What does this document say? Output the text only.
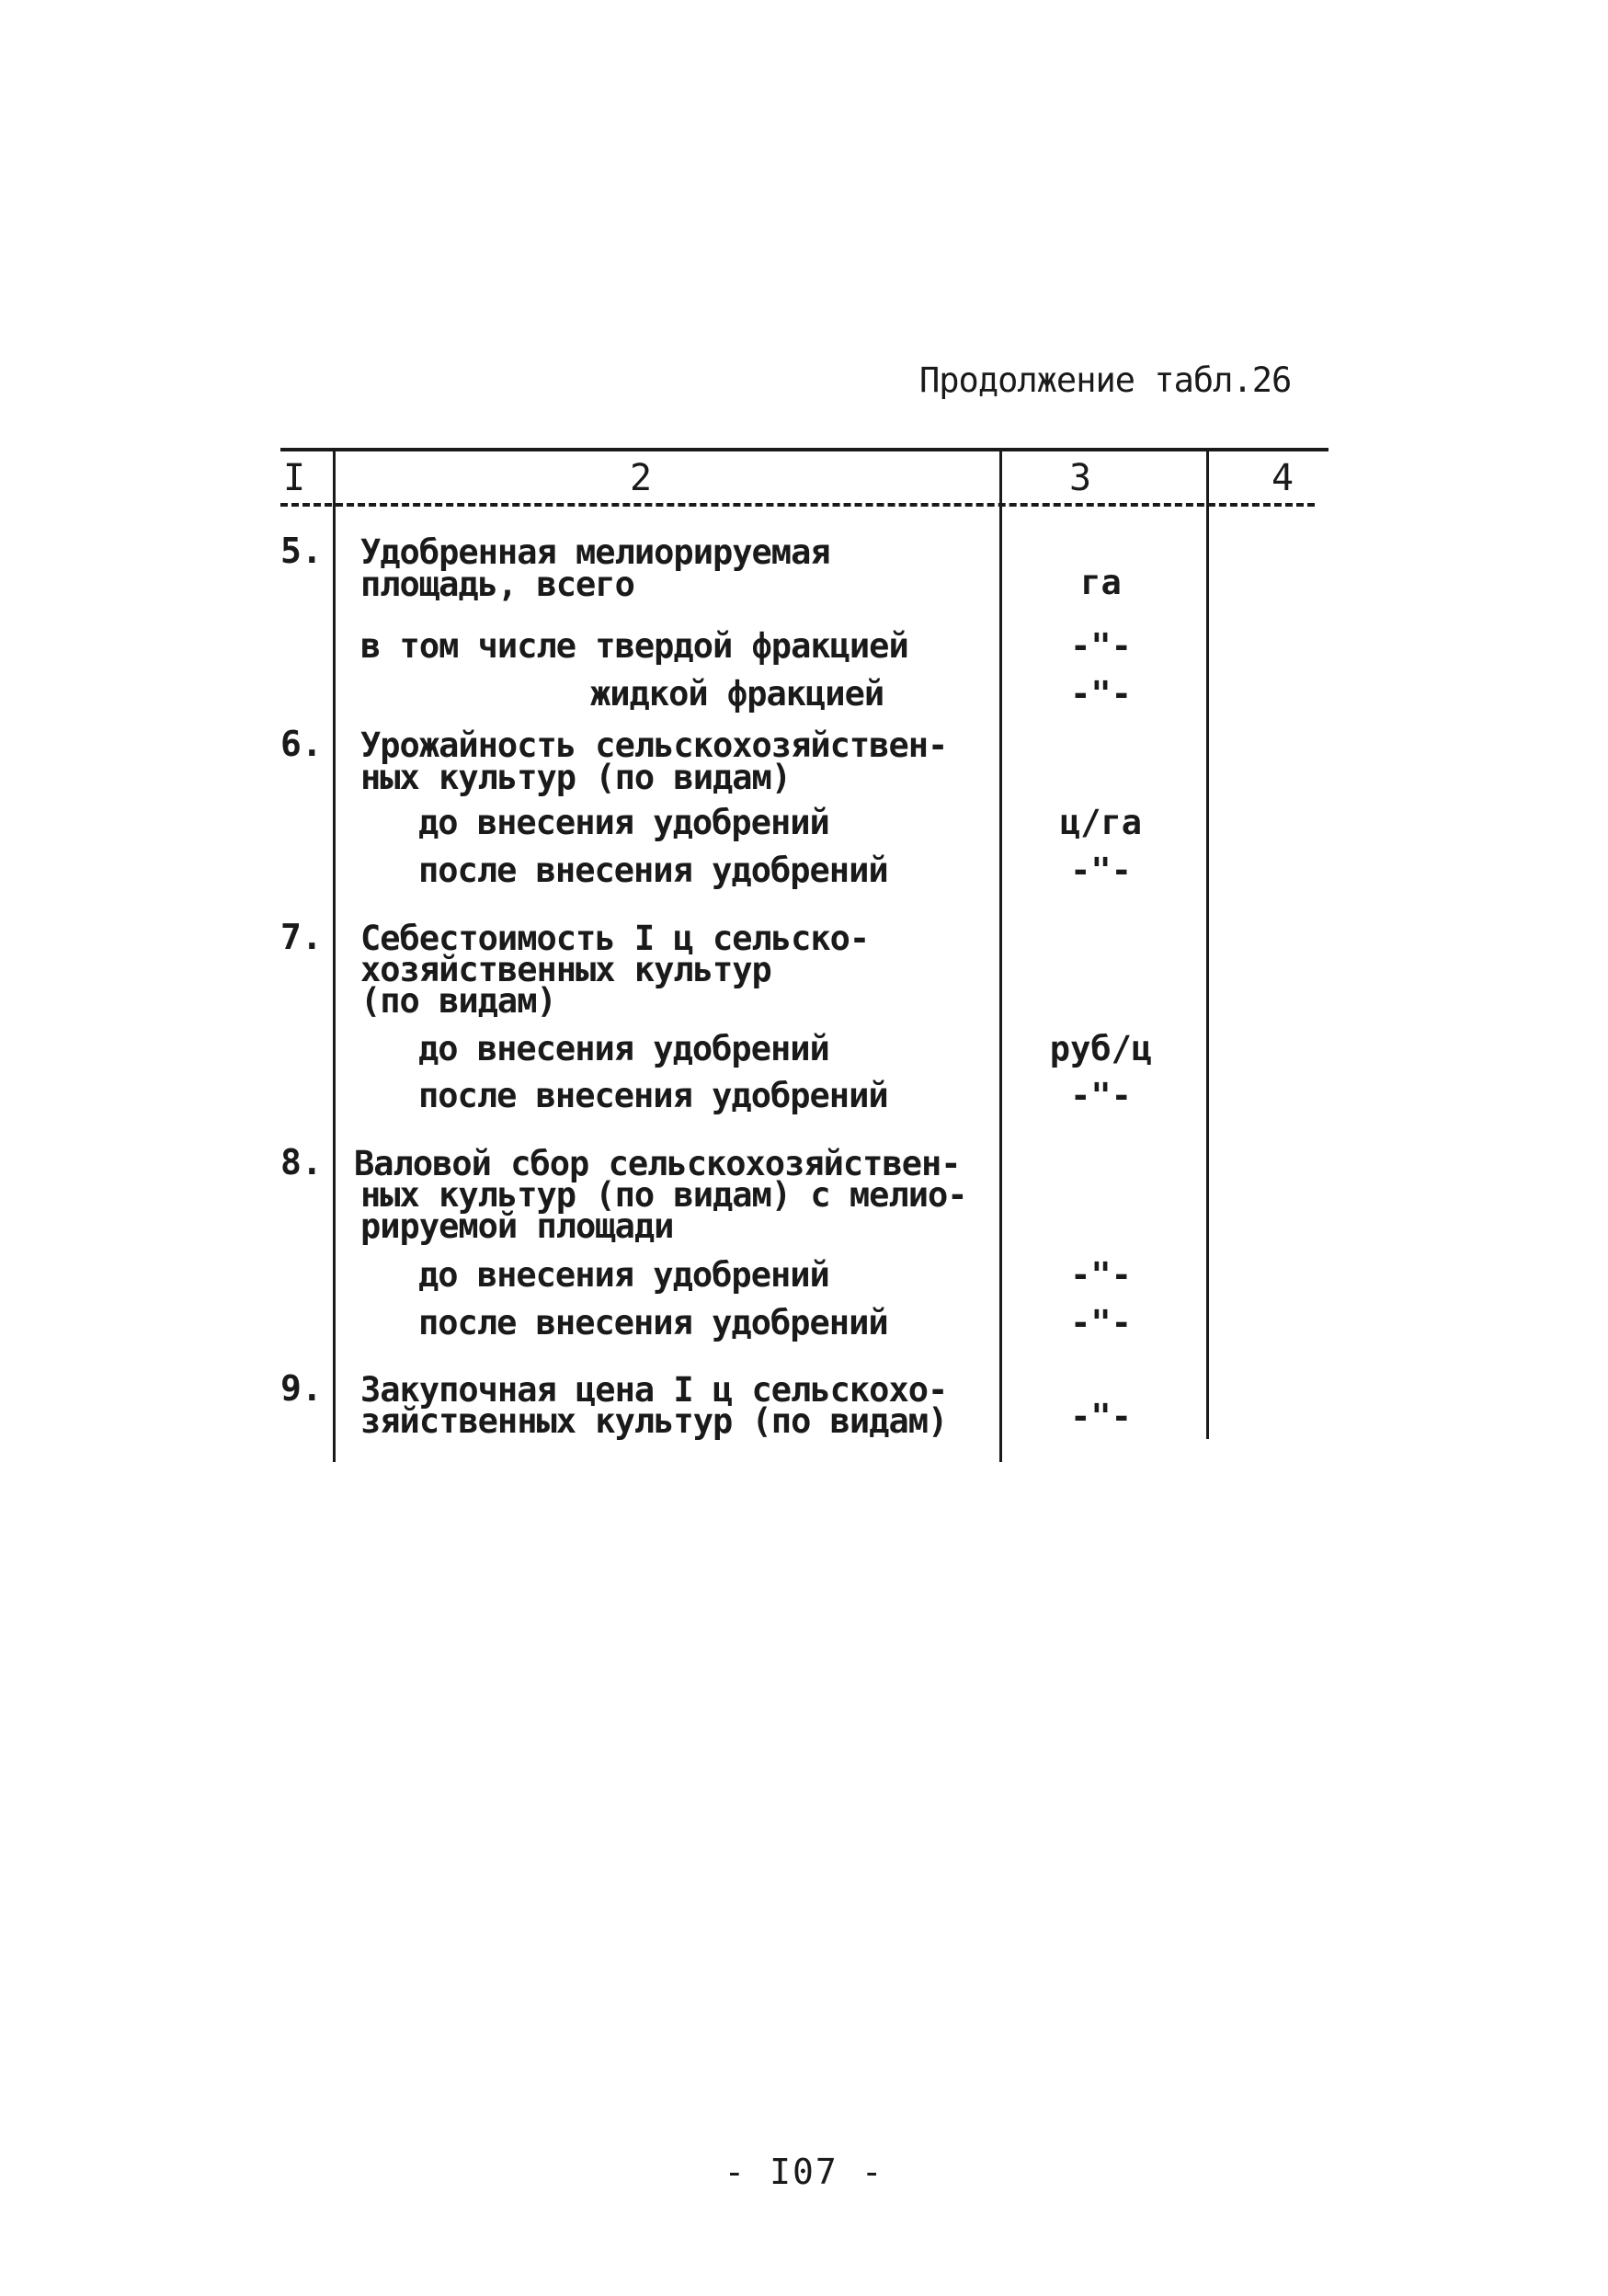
Продолжение табл.26
I	2	3	4
5. Удобренная мелиорируемая
площадь, всего	га
в том числе твердой фракцией	-"-
жидкой фракцией	-"-
6. Урожайность сельскохозяйствен-
ных культур (по видам)
до внесения удобрений	ц/га
после внесения удобрений	-"-
7. Себестоимость I ц сельско-
хозяйственных культур
(по видам)
до внесения удобрений	руб/ц
после внесения удобрений	-"-
8. Валовой сбор сельскохозяйствен-
ных культур (по видам) с мелио-
рируемой площади
до внесения удобрений	-"-
после внесения удобрений	-"-
9. Закупочная цена I ц сельскохо-
зяйственных культур (по видам)	-"-
- I07 -
